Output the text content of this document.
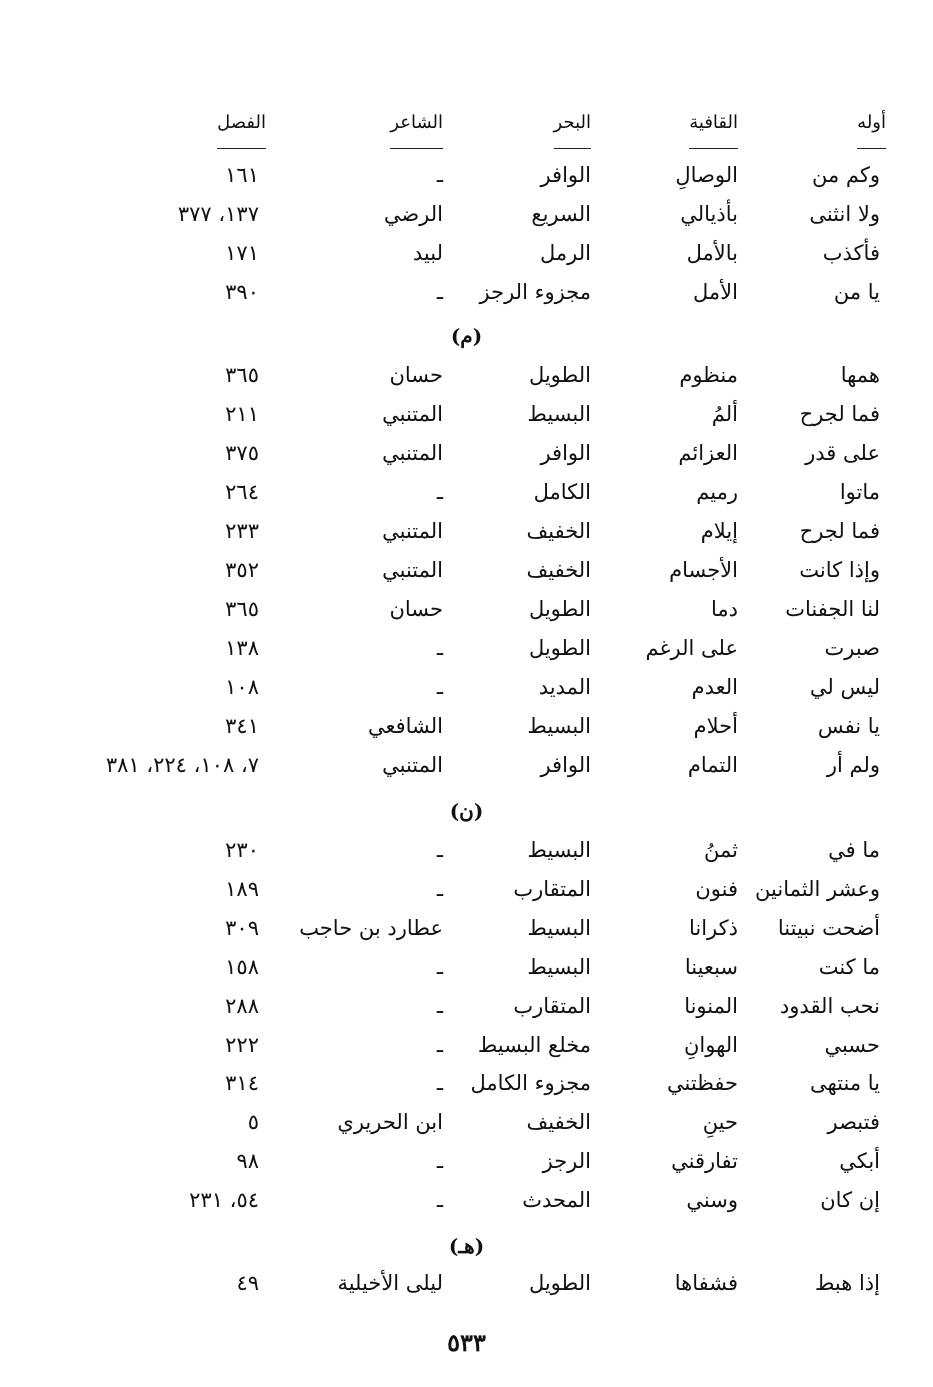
أوله
القافية
البحر
الشاعر
الفصل
وكم من
الوصالِ
الوافر
ـ
١٦١
ولا انثنى
بأذيالي
السريع
الرضي
١٣٧، ٣٧٧
فأكذب
بالأمل
الرمل
لبيد
١٧١
يا من
الأمل
مجزوء الرجز
ـ
٣٩٠
(م)
همها
منظوم
الطويل
حسان
٣٦٥
فما لجرح
ألمُ
البسيط
المتنبي
٢١١
على قدر
العزائم
الوافر
المتنبي
٣٧٥
ماتوا
رميم
الكامل
ـ
٢٦٤
فما لجرح
إيلام
الخفيف
المتنبي
٢٣٣
وإذا كانت
الأجسام
الخفيف
المتنبي
٣٥٢
لنا الجفنات
دما
الطويل
حسان
٣٦٥
صبرت
على الرغم
الطويل
ـ
١٣٨
ليس لي
العدم
المديد
ـ
١٠٨
يا نفس
أحلام
البسيط
الشافعي
٣٤١
ولم أر
التمام
الوافر
المتنبي
٧، ١٠٨، ٢٢٤، ٣٨١
(ن)
ما في
ثمنُ
البسيط
ـ
٢٣٠
وعشر الثمانين
فنون
المتقارب
ـ
١٨٩
أضحت نبيتنا
ذكرانا
البسيط
عطارد بن حاجب
٣٠٩
ما كنت
سبعينا
البسيط
ـ
١٥٨
نحب القدود
المنونا
المتقارب
ـ
٢٨٨
حسبي
الهوانِ
مخلع البسيط
ـ
٢٢٢
يا منتهى
حفظتني
مجزوء الكامل
ـ
٣١٤
فتبصر
حينِ
الخفيف
ابن الحريري
٥
أبكي
تفارقني
الرجز
ـ
٩٨
إن كان
وسني
المحدث
ـ
٥٤، ٢٣١
(هـ)
إذا هبط
فشفاها
الطويل
ليلى الأخيلية
٤٩
٥٣٣
